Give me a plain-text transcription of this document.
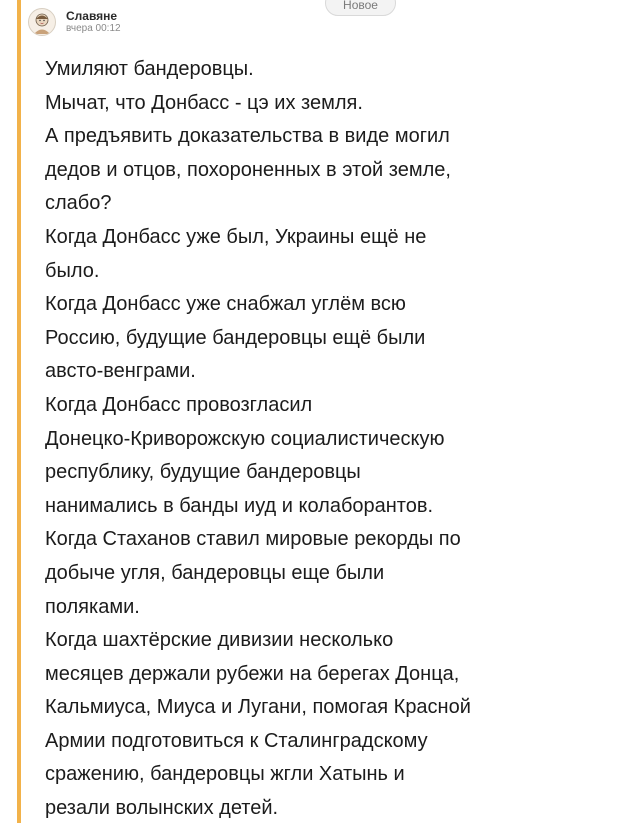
Новое
Славяне
вчера 00:12
Умиляют бандеровцы.
Мычат, что Донбасс - цэ их земля.
А предъявить доказательства в виде могил
дедов и отцов, похороненных в этой земле,
слабо?
Когда Донбасс уже был, Украины ещё не
было.
Когда Донбасс уже снабжал углём всю
Россию, будущие бандеровцы ещё были
австо-венграми.
Когда Донбасс провозгласил
Донецко-Криворожскую социалистическую
республику, будущие бандеровцы
нанимались в банды иуд и колаборантов.
Когда Стаханов ставил мировые рекорды по
добыче угля, бандеровцы еще были
поляками.
Когда шахтёрские дивизии несколько
месяцев держали рубежи на берегах Донца,
Кальмиуса, Миуса и Лугани, помогая Красной
Армии подготовиться к Сталинградскому
сражению, бандеровцы жгли Хатынь и
резали волынских детей.
